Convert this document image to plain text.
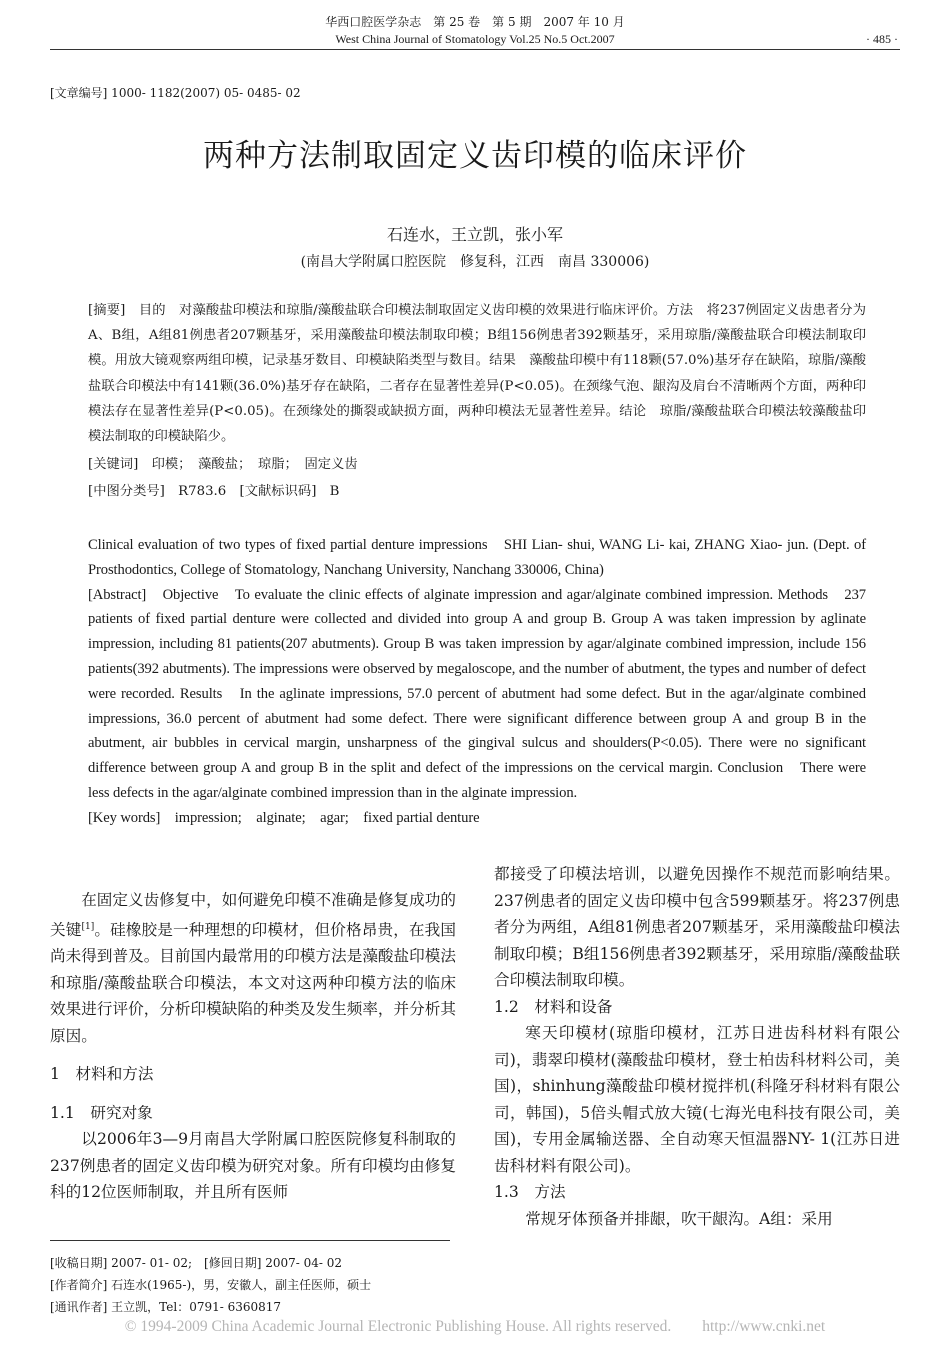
华西口腔医学杂志　第 25 卷　第 5 期　2007 年 10 月
West China Journal of Stomatology Vol.25 No.5 Oct.2007	· 485 ·
[文章编号] 1000- 1182(2007) 05- 0485- 02
两种方法制取固定义齿印模的临床评价
石连水，王立凯，张小军
(南昌大学附属口腔医院　修复科，江西　南昌 330006)

[摘要]　目的　对藻酸盐印模法和琼脂/藻酸盐联合印模法制取固定义齿印模的效果进行临床评价。方法　将237例固定义齿患者分为A、B组，A组81例患者207颗基牙，采用藻酸盐印模法制取印模；B组156例患者392颗基牙，采用琼脂/藻酸盐联合印模法制取印模。用放大镜观察两组印模，记录基牙数目、印模缺陷类型与数目。结果　藻酸盐印模中有118颗(57.0%)基牙存在缺陷，琼脂/藻酸盐联合印模法中有141颗(36.0%)基牙存在缺陷，二者存在显著性差异(P<0.05)。在颈缘气泡、龈沟及肩台不清晰两个方面，两种印模法存在显著性差异(P<0.05)。在颈缘处的撕裂或缺损方面，两种印模法无显著性差异。结论　琼脂/藻酸盐联合印模法较藻酸盐印模法制取的印模缺陷少。

[关键词]　印模；　藻酸盐；　琼脂；　固定义齿
[中图分类号]　R783.6　[文献标识码]　B

Clinical evaluation of two types of fixed partial denture impressions　SHI Lian- shui, WANG Li- kai, ZHANG Xiao- jun. (Dept. of Prosthodontics, College of Stomatology, Nanchang University, Nanchang 330006, China)

[Abstract]　Objective　To evaluate the clinic effects of alginate impression and agar/alginate combined impression. Methods　237 patients of fixed partial denture were collected and divided into group A and group B. Group A was taken impression by aglinate impression, including 81 patients(207 abutments). Group B was taken impression by agar/alginate combined impression, include 156 patients(392 abutments). The impressions were observed by megaloscope, and the number of abutment, the types and number of defect were recorded. Results　In the aglinate impressions, 57.0 percent of abutment had some defect. But in the agar/alginate combined impressions, 36.0 percent of abutment had some defect. There were significant difference between group A and group B in the abutment, air bubbles in cervical margin, unsharpness of the gingival sulcus and shoulders(P<0.05). There were no significant difference between group A and group B in the split and defect of the impressions on the cervical margin. Conclusion　There were less defects in the agar/alginate combined impression than in the alginate impression.

[Key words]　impression;　alginate;　agar;　fixed partial denture

在固定义齿修复中，如何避免印模不准确是修复成功的关键[1]。硅橡胶是一种理想的印模材，但价格昂贵，在我国尚未得到普及。目前国内最常用的印模方法是藻酸盐印模法和琼脂/藻酸盐联合印模法，本文对这两种印模方法的临床效果进行评价，分析印模缺陷的种类及发生频率，并分析其原因。

1　材料和方法

1.1　研究对象

以2006年3—9月南昌大学附属口腔医院修复科制取的237例患者的固定义齿印模为研究对象。所有印模均由修复科的12位医师制取，并且所有医师

都接受了印模法培训，以避免因操作不规范而影响结果。237例患者的固定义齿印模中包含599颗基牙。将237例患者分为两组，A组81例患者207颗基牙，采用藻酸盐印模法制取印模；B组156例患者392颗基牙，采用琼脂/藻酸盐联合印模法制取印模。

1.2　材料和设备

寒天印模材(琼脂印模材，江苏日进齿科材料有限公司)，翡翠印模材(藻酸盐印模材，登士柏齿科材料公司，美国)，shinhung藻酸盐印模材搅拌机(科隆牙科材料有限公司，韩国)，5倍头帽式放大镜(七海光电科技有限公司，美国)，专用金属输送器、全自动寒天恒温器NY- 1(江苏日进齿科材料有限公司)。

1.3　方法

常规牙体预备并排龈，吹干龈沟。A组：采用

[收稿日期] 2007- 01- 02;　[修回日期] 2007- 04- 02
[作者简介] 石连水(1965-)，男，安徽人，副主任医师，硕士
[通讯作者] 王立凯，Tel：0791- 6360817
© 1994-2009 China Academic Journal Electronic Publishing House. All rights reserved.　　http://www.cnki.net
